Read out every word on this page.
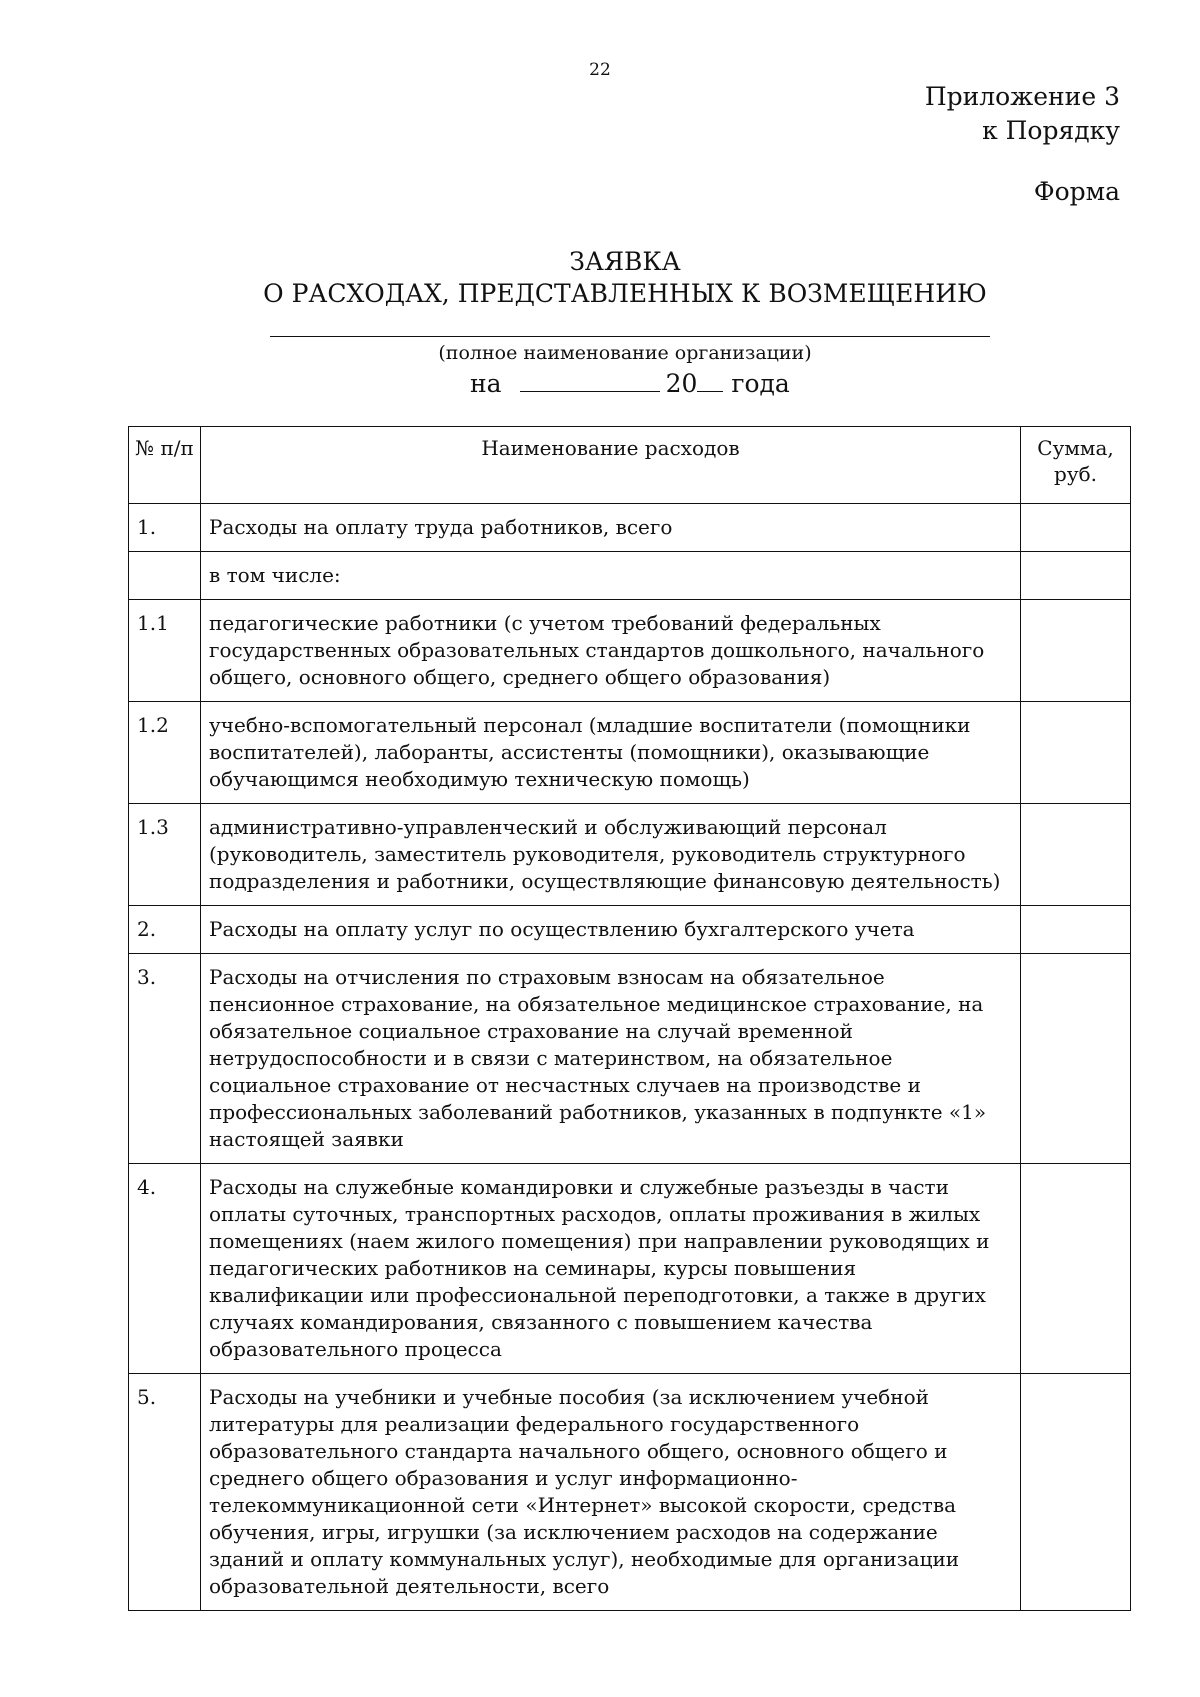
22
Приложение 3
к Порядку
Форма
ЗАЯВКА
О РАСХОДАХ, ПРЕДСТАВЛЕННЫХ К ВОЗМЕЩЕНИЮ
(полное наименование организации)
на	20 года
№ п/п	Наименование расходов	Сумма, руб.
1.	Расходы на оплату труда работников, всего	
	в том числе:	
1.1	педагогические работники (с учетом требований федеральных государственных образовательных стандартов дошкольного, начального общего, основного общего, среднего общего образования)	
1.2	учебно-вспомогательный персонал (младшие воспитатели (помощники воспитателей), лаборанты, ассистенты (помощники), оказывающие обучающимся необходимую техническую помощь)	
1.3	административно-управленческий и обслуживающий персонал (руководитель, заместитель руководителя, руководитель структурного подразделения и работники, осуществляющие финансовую деятельность)	
2.	Расходы на оплату услуг по осуществлению бухгалтерского учета	
3.	Расходы на отчисления по страховым взносам на обязательное пенсионное страхование, на обязательное медицинское страхование, на обязательное социальное страхование на случай временной нетрудоспособности и в связи с материнством, на обязательное социальное страхование от несчастных случаев на производстве и профессиональных заболеваний работников, указанных в подпункте «1» настоящей заявки	
4.	Расходы на служебные командировки и служебные разъезды в части оплаты суточных, транспортных расходов, оплаты проживания в жилых помещениях (наем жилого помещения) при направлении руководящих и педагогических работников на семинары, курсы повышения квалификации или профессиональной переподготовки, а также в других случаях командирования, связанного с повышением качества образовательного процесса	
5.	Расходы на учебники и учебные пособия (за исключением учебной литературы для реализации федерального государственного образовательного стандарта начального общего, основного общего и среднего общего образования и услуг информационно-телекоммуникационной сети «Интернет» высокой скорости, средства обучения, игры, игрушки (за исключением расходов на содержание зданий и оплату коммунальных услуг), необходимые для организации образовательной деятельности, всего	
